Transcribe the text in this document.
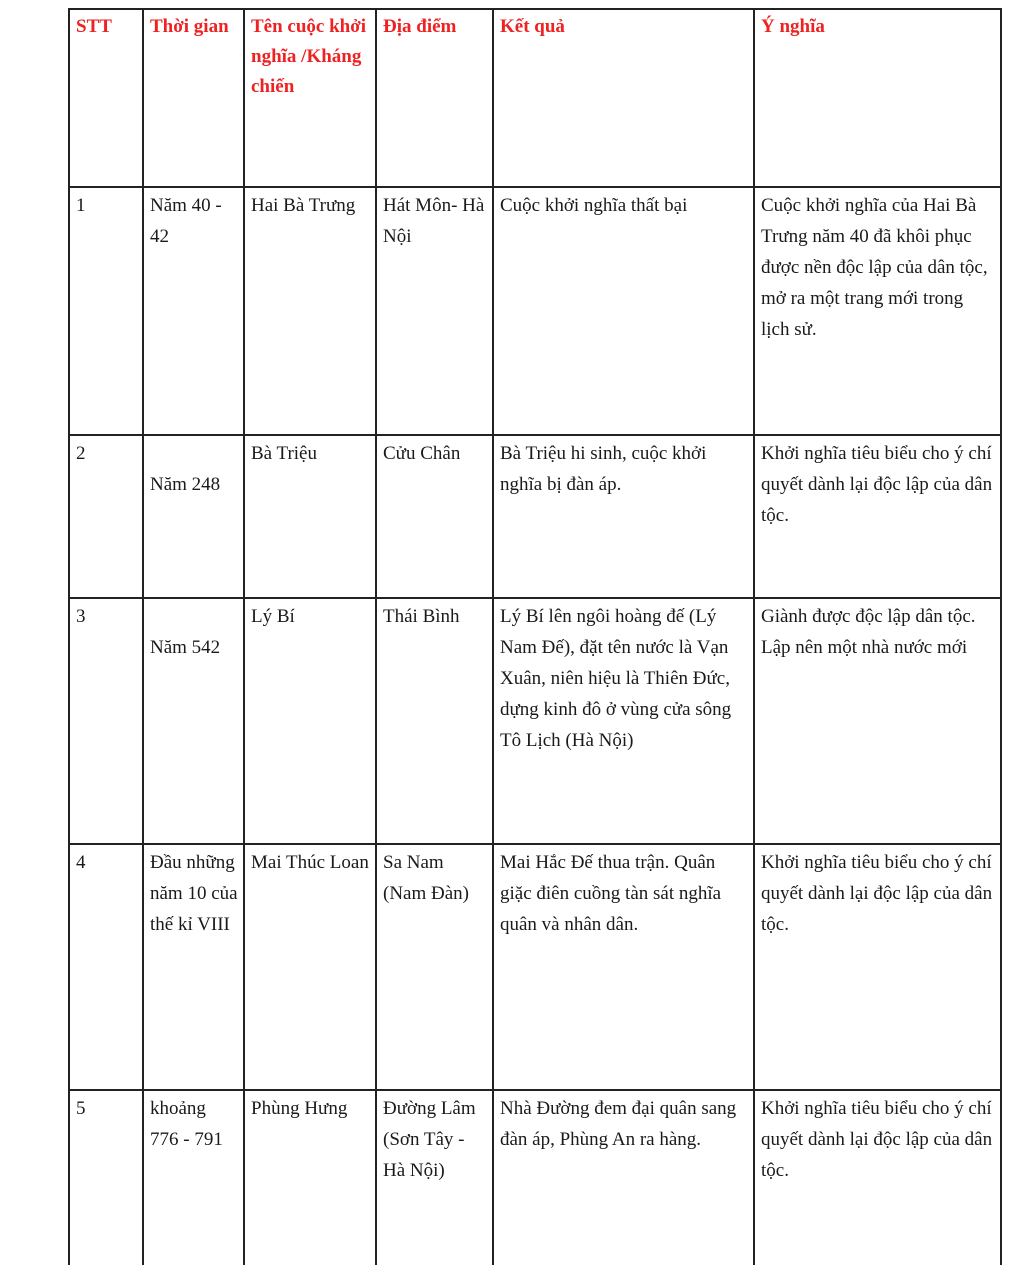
STT	Thời gian	Tên cuộc khởi nghĩa /Kháng chiến	Địa điểm	Kết quả	Ý nghĩa

1	Năm 40 - 42	Hai Bà Trưng	Hát Môn- Hà Nội	Cuộc khởi nghĩa thất bại	Cuộc khởi nghĩa của Hai Bà Trưng năm 40 đã khôi phục được nền độc lập của dân tộc, mở ra một trang mới trong lịch sử.

2	Năm 248	Bà Triệu	Cửu Chân	Bà Triệu hi sinh, cuộc khởi nghĩa bị đàn áp.	Khởi nghĩa tiêu biểu cho ý chí quyết dành lại độc lập của dân tộc.

3	Năm 542	Lý Bí	Thái Bình	Lý Bí lên ngôi hoàng đế (Lý Nam Đế), đặt tên nước là Vạn Xuân, niên hiệu là Thiên Đức, dựng kinh đô ở vùng cửa sông Tô Lịch (Hà Nội)	Giành được độc lập dân tộc. Lập nên một nhà nước mới

4	Đầu những năm 10 của thế kỉ VIII	Mai Thúc Loan	Sa Nam (Nam Đàn)	Mai Hắc Đế thua trận. Quân giặc điên cuồng tàn sát nghĩa quân và nhân dân.	Khởi nghĩa tiêu biểu cho ý chí quyết dành lại độc lập của dân tộc.

5	khoảng 776 - 791	Phùng Hưng	Đường Lâm (Sơn Tây - Hà Nội)	Nhà Đường đem đại quân sang đàn áp, Phùng An ra hàng.	Khởi nghĩa tiêu biểu cho ý chí quyết dành lại độc lập của dân tộc.
